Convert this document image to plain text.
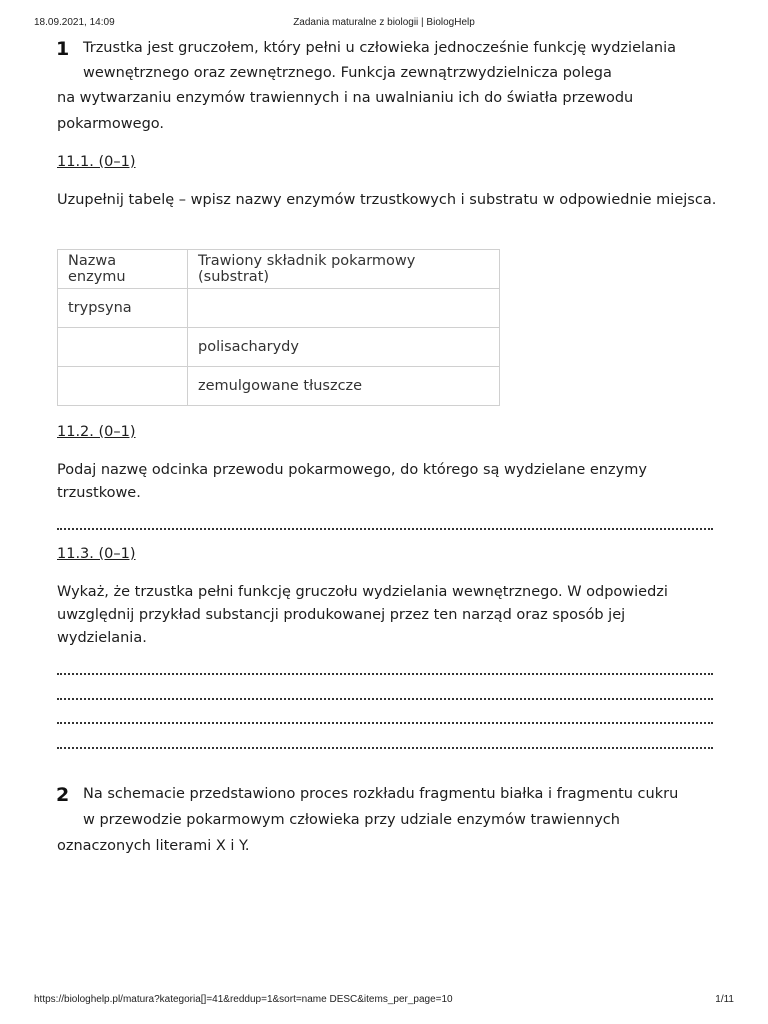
18.09.2021, 14:09	Zadania maturalne z biologii | BiologHelp
1 Trzustka jest gruczołem, który pełni u człowieka jednocześnie funkcję wydzielania
wewnętrznego oraz zewnętrznego. Funkcja zewnątrzwydzielnicza polega
na wytwarzaniu enzymów trawiennych i na uwalnianiu ich do światła przewodu
pokarmowego.
11.1. (0–1)
Uzupełnij tabelę – wpisz nazwy enzymów trzustkowych i substratu w odpowiednie miejsca.
Nazwa enzymu	Trawiony składnik pokarmowy (substrat)
trypsyna	
	polisacharydy
	zemulgowane tłuszcze
11.2. (0–1)
Podaj nazwę odcinka przewodu pokarmowego, do którego są wydzielane enzymy trzustkowe.
11.3. (0–1)
Wykaż, że trzustka pełni funkcję gruczołu wydzielania wewnętrznego. W odpowiedzi uwzględnij przykład substancji produkowanej przez ten narząd oraz sposób jej wydzielania.
2 Na schemacie przedstawiono proces rozkładu fragmentu białka i fragmentu cukru
w przewodzie pokarmowym człowieka przy udziale enzymów trawiennych
oznaczonych literami X i Y.
https://biologhelp.pl/matura?kategoria[]=41&reddup=1&sort=name DESC&items_per_page=10	1/11
